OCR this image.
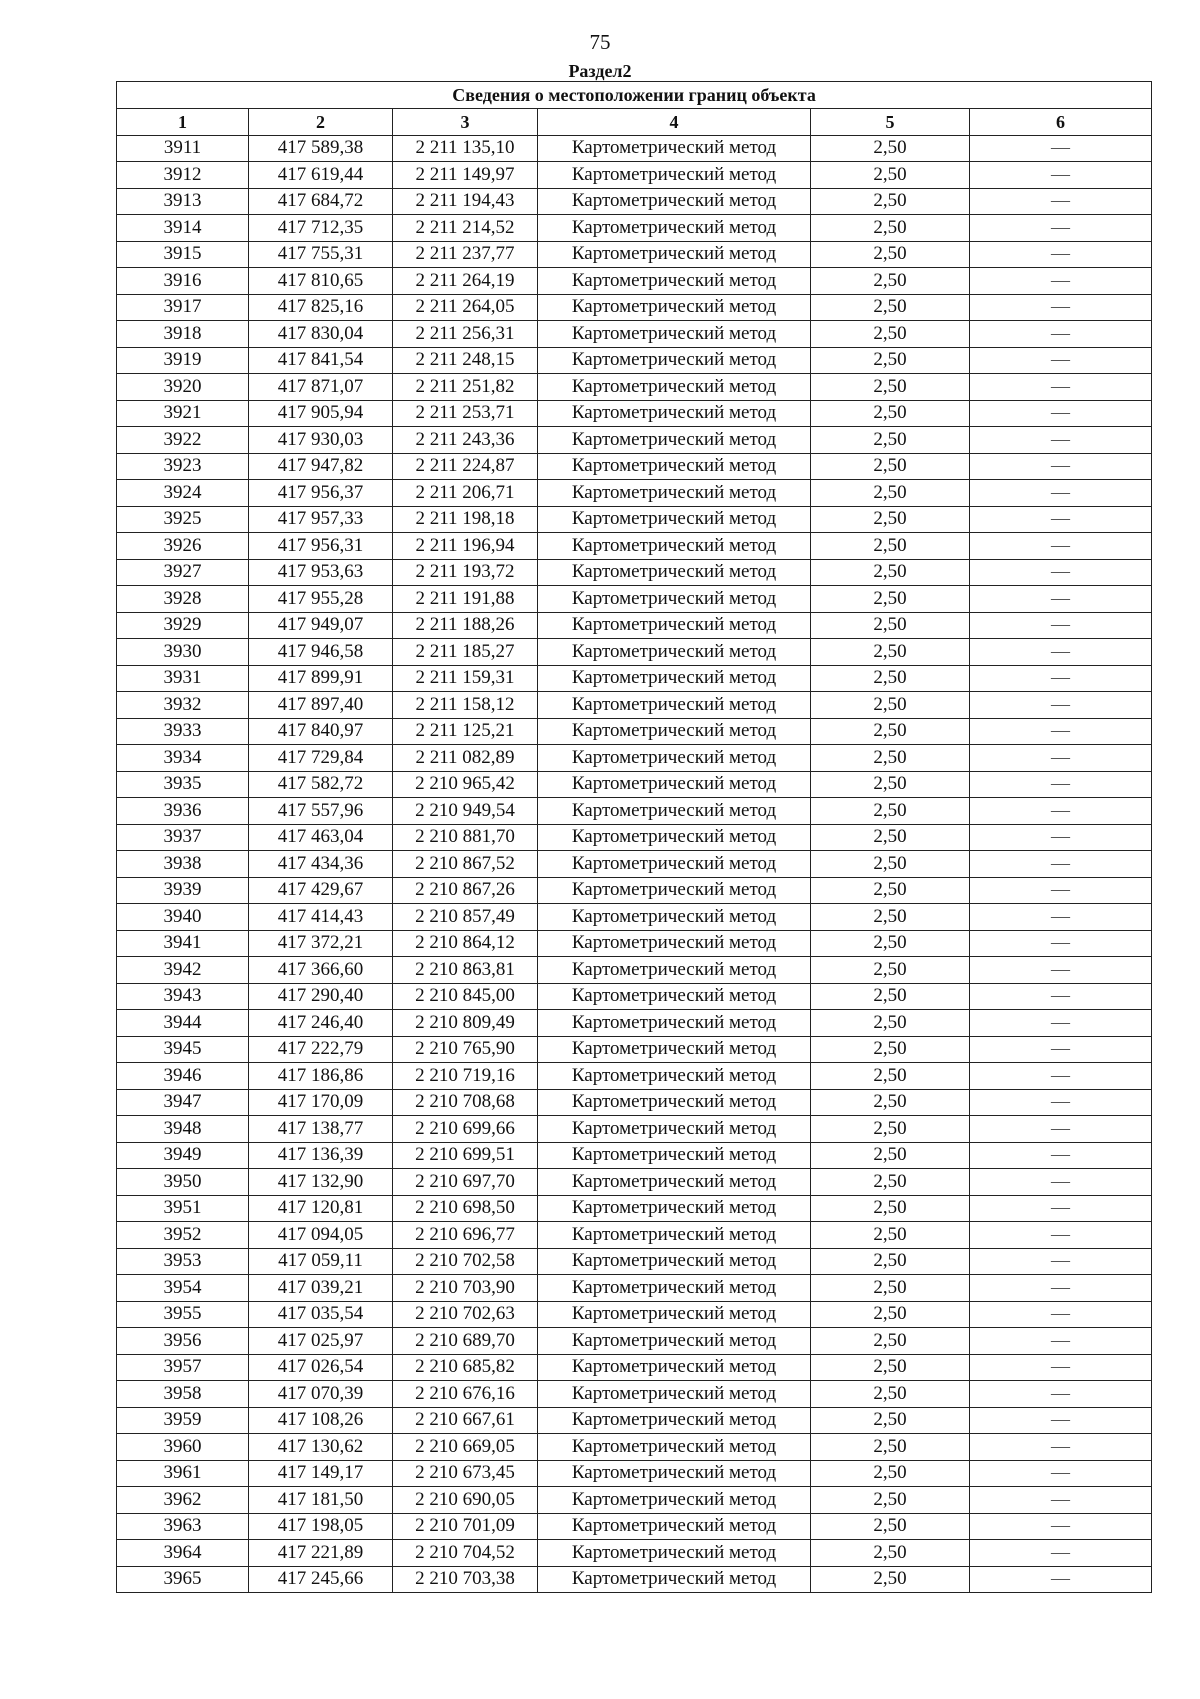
75
Раздел2
Сведения о местоположении границ объекта					
1	2	3	4	5	6
3911	417 589,38	2 211 135,10	Картометрический метод	2,50	—
3912	417 619,44	2 211 149,97	Картометрический метод	2,50	—
3913	417 684,72	2 211 194,43	Картометрический метод	2,50	—
3914	417 712,35	2 211 214,52	Картометрический метод	2,50	—
3915	417 755,31	2 211 237,77	Картометрический метод	2,50	—
3916	417 810,65	2 211 264,19	Картометрический метод	2,50	—
3917	417 825,16	2 211 264,05	Картометрический метод	2,50	—
3918	417 830,04	2 211 256,31	Картометрический метод	2,50	—
3919	417 841,54	2 211 248,15	Картометрический метод	2,50	—
3920	417 871,07	2 211 251,82	Картометрический метод	2,50	—
3921	417 905,94	2 211 253,71	Картометрический метод	2,50	—
3922	417 930,03	2 211 243,36	Картометрический метод	2,50	—
3923	417 947,82	2 211 224,87	Картометрический метод	2,50	—
3924	417 956,37	2 211 206,71	Картометрический метод	2,50	—
3925	417 957,33	2 211 198,18	Картометрический метод	2,50	—
3926	417 956,31	2 211 196,94	Картометрический метод	2,50	—
3927	417 953,63	2 211 193,72	Картометрический метод	2,50	—
3928	417 955,28	2 211 191,88	Картометрический метод	2,50	—
3929	417 949,07	2 211 188,26	Картометрический метод	2,50	—
3930	417 946,58	2 211 185,27	Картометрический метод	2,50	—
3931	417 899,91	2 211 159,31	Картометрический метод	2,50	—
3932	417 897,40	2 211 158,12	Картометрический метод	2,50	—
3933	417 840,97	2 211 125,21	Картометрический метод	2,50	—
3934	417 729,84	2 211 082,89	Картометрический метод	2,50	—
3935	417 582,72	2 210 965,42	Картометрический метод	2,50	—
3936	417 557,96	2 210 949,54	Картометрический метод	2,50	—
3937	417 463,04	2 210 881,70	Картометрический метод	2,50	—
3938	417 434,36	2 210 867,52	Картометрический метод	2,50	—
3939	417 429,67	2 210 867,26	Картометрический метод	2,50	—
3940	417 414,43	2 210 857,49	Картометрический метод	2,50	—
3941	417 372,21	2 210 864,12	Картометрический метод	2,50	—
3942	417 366,60	2 210 863,81	Картометрический метод	2,50	—
3943	417 290,40	2 210 845,00	Картометрический метод	2,50	—
3944	417 246,40	2 210 809,49	Картометрический метод	2,50	—
3945	417 222,79	2 210 765,90	Картометрический метод	2,50	—
3946	417 186,86	2 210 719,16	Картометрический метод	2,50	—
3947	417 170,09	2 210 708,68	Картометрический метод	2,50	—
3948	417 138,77	2 210 699,66	Картометрический метод	2,50	—
3949	417 136,39	2 210 699,51	Картометрический метод	2,50	—
3950	417 132,90	2 210 697,70	Картометрический метод	2,50	—
3951	417 120,81	2 210 698,50	Картометрический метод	2,50	—
3952	417 094,05	2 210 696,77	Картометрический метод	2,50	—
3953	417 059,11	2 210 702,58	Картометрический метод	2,50	—
3954	417 039,21	2 210 703,90	Картометрический метод	2,50	—
3955	417 035,54	2 210 702,63	Картометрический метод	2,50	—
3956	417 025,97	2 210 689,70	Картометрический метод	2,50	—
3957	417 026,54	2 210 685,82	Картометрический метод	2,50	—
3958	417 070,39	2 210 676,16	Картометрический метод	2,50	—
3959	417 108,26	2 210 667,61	Картометрический метод	2,50	—
3960	417 130,62	2 210 669,05	Картометрический метод	2,50	—
3961	417 149,17	2 210 673,45	Картометрический метод	2,50	—
3962	417 181,50	2 210 690,05	Картометрический метод	2,50	—
3963	417 198,05	2 210 701,09	Картометрический метод	2,50	—
3964	417 221,89	2 210 704,52	Картометрический метод	2,50	—
3965	417 245,66	2 210 703,38	Картометрический метод	2,50	—
